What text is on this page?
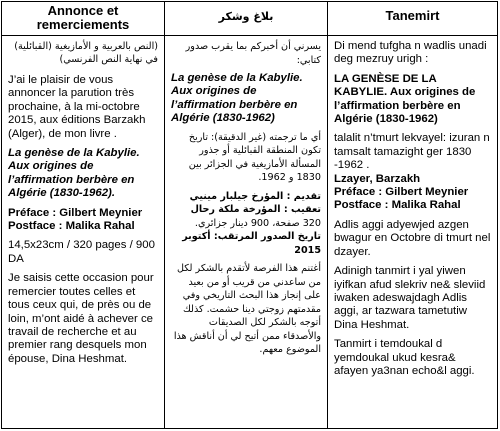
Annonce et
remerciements

(النص بالعربية و الأمازيغية (القبائلية) في نهاية النص الفرنسي)

J’ai le plaisir de vous annoncer la parution très prochaine, à la mi-octobre 2015, aux éditions Barzakh (Alger), de mon livre .

La genèse de la Kabylie. Aux origines de l’affirmation berbère en Algérie (1830-1962).

Préface : Gilbert Meynier

Postface : Malika Rahal

14,5x23cm / 320 pages / 900 DA

Je saisis cette occasion pour remercier toutes celles et tous ceux qui, de près ou de loin, m’ont aidé à achever ce travail de recherche et au premier rang desquels mon épouse, Dina Heshmat.

بلاغ وشكر

يسرني أن أخبركم بما يقرب صدور كتابي:

La genèse de la Kabylie. Aux origines de l’affirmation berbère en Algérie (1830-1962)

أي ما ترجمته (غير الدقيقة): تاريخ تكون المنطقة القبائلية أو جذور المسألة الأمازيغية في الجزائر بين 1830 و 1962.

تقديم : المؤرخ جيلبار مينيي

تعقيب : المؤرخة ملكة رحال

320 صفحة، 900 دينار جزائري.

تاريخ الصدور المرتقب: أكتوبر 2015

أغتنم هذا الفرصة لأتقدم بالشكر لكل من ساعدني من قريب أو من بعيد على إنجاز هذا البحث التاريخي وفي مقدمتهم زوجتي دينا حشمت. كذلك أتوجه بالشكر لكل الصديقات والأصدقاء ممن أتيح لي أن أناقش هذا الموضوع معهم.

Tanemirt

Di mend tufgha n wadlis unadi deg mezruy urigh :

LA GENÈSE DE LA KABYLIE. Aux origines de l’affirmation berbère en Algérie (1830-1962)

talalit n’tmurt lekvayel: izuran n tamsalt tamazight ger 1830 -1962 .

Lzayer, Barzakh

Préface : Gilbert Meynier

Postface : Malika Rahal

Adlis aggi adyewjed azgen bwagur en Octobre di tmurt nel dzayer.

Adinigh tanmirt i yal yiwen iyifkan afud slekriv ne& sleviid iwaken adeswajdagh Adlis aggi, ar tazwara tametutiw Dina Heshmat.

Tanmirt i temdoukal d yemdoukal ukud kesra& afayen ya3nan echo&l aggi.
